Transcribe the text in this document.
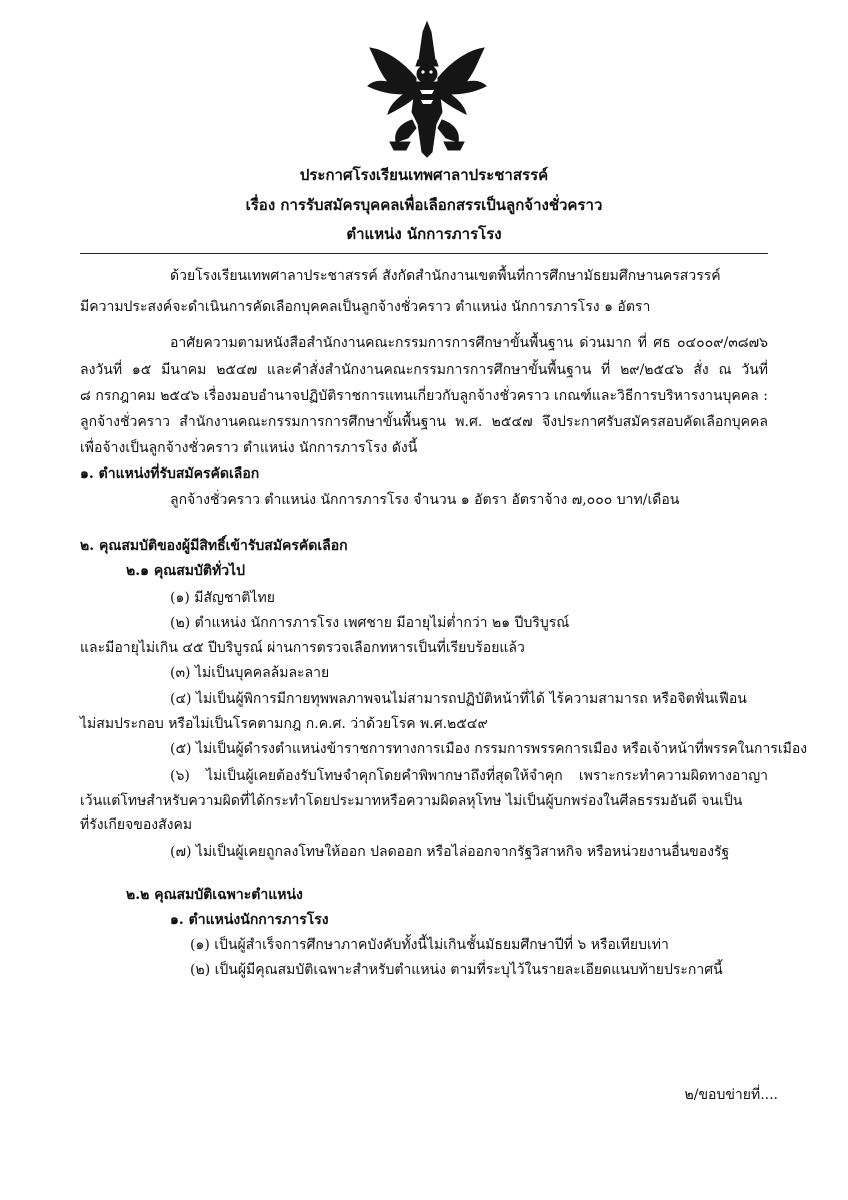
ประกาศโรงเรียนเทพศาลาประชาสรรค์
เรื่อง การรับสมัครบุคคลเพื่อเลือกสรรเป็นลูกจ้างชั่วคราว
ตำแหน่ง นักการภารโรง
ด้วยโรงเรียนเทพศาลาประชาสรรค์ สังกัดสำนักงานเขตพื้นที่การศึกษามัธยมศึกษานครสวรรค์
มีความประสงค์จะดำเนินการคัดเลือกบุคคลเป็นลูกจ้างชั่วคราว ตำแหน่ง นักการภารโรง ๑ อัตรา
อาศัยความตามหนังสือสำนักงานคณะกรรมการการศึกษาขั้นพื้นฐาน ด่วนมาก ที่ ศธ ๐๔๐๐๙/๓๘๗๖
ลงวันที่ ๑๕ มีนาคม ๒๕๔๗ และคำสั่งสำนักงานคณะกรรมการการศึกษาขั้นพื้นฐาน ที่ ๒๙/๒๕๔๖ สั่ง ณ วันที่
๘ กรกฎาคม ๒๕๔๖ เรื่องมอบอำนาจปฏิบัติราชการแทนเกี่ยวกับลูกจ้างชั่วคราว เกณฑ์และวิธีการบริหารงานบุคคล :
ลูกจ้างชั่วคราว สำนักงานคณะกรรมการการศึกษาขั้นพื้นฐาน พ.ศ. ๒๕๔๗ จึงประกาศรับสมัครสอบคัดเลือกบุคคล
เพื่อจ้างเป็นลูกจ้างชั่วคราว ตำแหน่ง นักการภารโรง ดังนี้
๑. ตำแหน่งที่รับสมัครคัดเลือก
ลูกจ้างชั่วคราว ตำแหน่ง นักการภารโรง จำนวน ๑ อัตรา อัตราจ้าง ๗,๐๐๐ บาท/เดือน
๒. คุณสมบัติของผู้มีสิทธิ์เข้ารับสมัครคัดเลือก
๒.๑ คุณสมบัติทั่วไป
(๑) มีสัญชาติไทย
(๒) ตำแหน่ง นักการภารโรง เพศชาย มีอายุไม่ต่ำกว่า ๒๑ ปีบริบูรณ์
และมีอายุไม่เกิน ๔๕ ปีบริบูรณ์ ผ่านการตรวจเลือกทหารเป็นที่เรียบร้อยแล้ว
(๓) ไม่เป็นบุคคลล้มละลาย
(๔) ไม่เป็นผู้พิการมีกายทุพพลภาพจนไม่สามารถปฏิบัติหน้าที่ได้ ไร้ความสามารถ หรือจิตฟั่นเฟือน
ไม่สมประกอบ หรือไม่เป็นโรคตามกฎ ก.ค.ศ. ว่าด้วยโรค พ.ศ.๒๕๔๙
(๕) ไม่เป็นผู้ดำรงตำแหน่งข้าราชการทางการเมือง กรรมการพรรคการเมือง หรือเจ้าหน้าที่พรรคในการเมือง
(๖) ไม่เป็นผู้เคยต้องรับโทษจำคุกโดยคำพิพากษาถึงที่สุดให้จำคุก เพราะกระทำความผิดทางอาญา
เว้นแต่โทษสำหรับความผิดที่ได้กระทำโดยประมาทหรือความผิดลหุโทษ ไม่เป็นผู้บกพร่องในศีลธรรมอันดี จนเป็น
ที่รังเกียจของสังคม
(๗) ไม่เป็นผู้เคยถูกลงโทษให้ออก ปลดออก หรือไล่ออกจากรัฐวิสาหกิจ หรือหน่วยงานอื่นของรัฐ
๒.๒ คุณสมบัติเฉพาะตำแหน่ง
๑. ตำแหน่งนักการภารโรง
(๑) เป็นผู้สำเร็จการศึกษาภาคบังคับทั้งนี้ไม่เกินชั้นมัธยมศึกษาปีที่ ๖ หรือเทียบเท่า
(๒) เป็นผู้มีคุณสมบัติเฉพาะสำหรับตำแหน่ง ตามที่ระบุไว้ในรายละเอียดแนบท้ายประกาศนี้
๒/ขอบข่ายที่....
